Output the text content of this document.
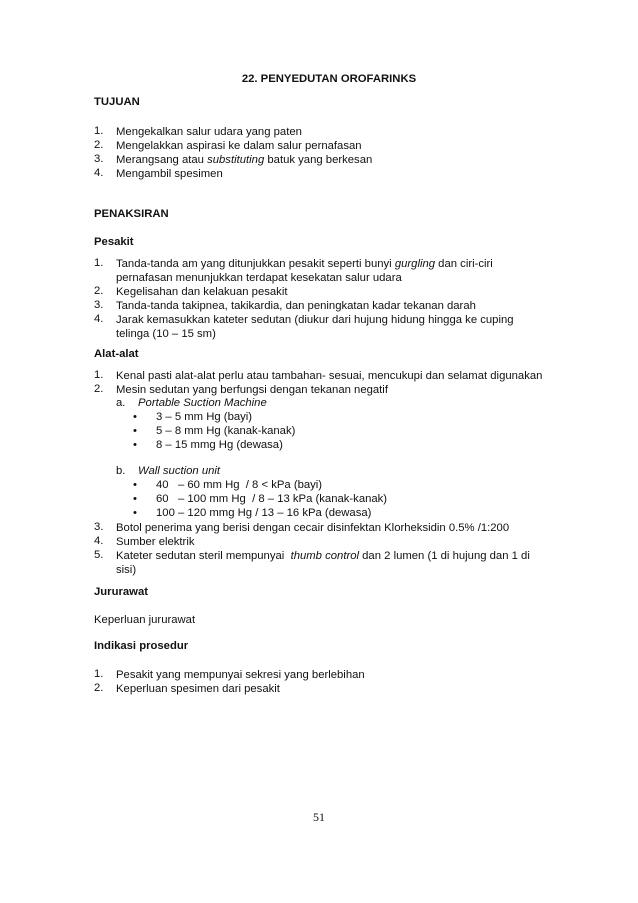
22. PENYEDUTAN OROFARINKS
TUJUAN
1. Mengekalkan salur udara yang paten
2. Mengelakkan aspirasi ke dalam salur pernafasan
3. Merangsang atau substituting batuk yang berkesan
4. Mengambil spesimen
PENAKSIRAN
Pesakit
1. Tanda-tanda am yang ditunjukkan pesakit seperti bunyi gurgling dan ciri-ciri
pernafasan menunjukkan terdapat kesekatan salur udara
2. Kegelisahan dan kelakuan pesakit
3. Tanda-tanda takipnea, takikardia, dan peningkatan kadar tekanan darah
4. Jarak kemasukkan kateter sedutan (diukur dari hujung hidung hingga ke cuping
telinga (10 – 15 sm)
Alat-alat
1. Kenal pasti alat-alat perlu atau tambahan- sesuai, mencukupi dan selamat digunakan
2. Mesin sedutan yang berfungsi dengan tekanan negatif
a. Portable Suction Machine
• 3 – 5 mm Hg (bayi)
• 5 – 8 mm Hg (kanak-kanak)
• 8 – 15 mmg Hg (dewasa)
b. Wall suction unit
• 40   – 60 mm Hg  / 8 < kPa (bayi)
• 60   – 100 mm Hg  / 8 – 13 kPa (kanak-kanak)
• 100 – 120 mmg Hg / 13 – 16 kPa (dewasa)
3. Botol penerima yang berisi dengan cecair disinfektan Klorheksidin 0.5% /1:200
4. Sumber elektrik
5. Kateter sedutan steril mempunyai  thumb control dan 2 lumen (1 di hujung dan 1 di
sisi)
Jururawat
Keperluan jururawat
Indikasi prosedur
1. Pesakit yang mempunyai sekresi yang berlebihan
2. Keperluan spesimen dari pesakit
51
